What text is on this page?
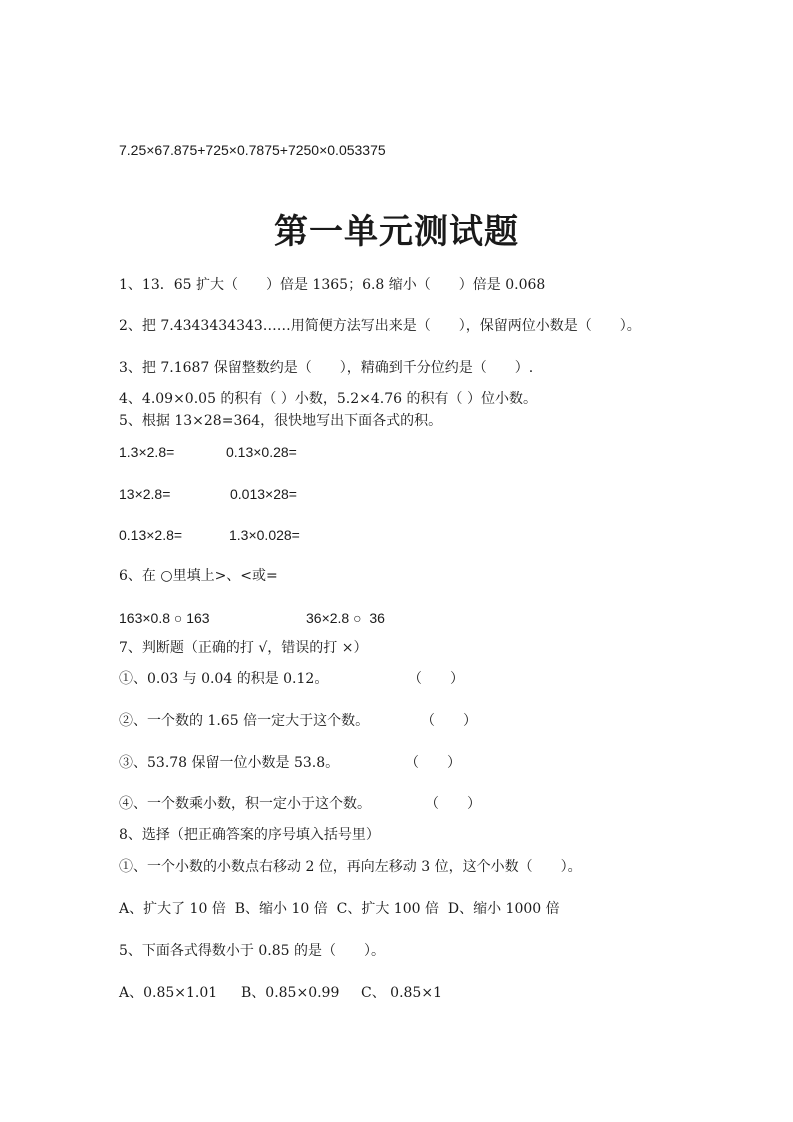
7.25×67.875+725×0.7875+7250×0.053375
第一单元测试题
1、13．65 扩大（　　）倍是 1365；6.8 缩小（　　）倍是 0.068
2、把 7.4343434343……用简便方法写出来是（　　），保留两位小数是（　　）。
3、把 7.1687 保留整数约是（　　），精确到千分位约是（　　）.
4、4.09×0.05 的积有（ ）小数，5.2×4.76 的积有（ ）位小数。
5、根据 13×28=364，很快地写出下面各式的积。
1.3×2.8=	0.13×0.28=
13×2.8=	0.013×28=
0.13×2.8=	1.3×0.028=
6、在 ○里填上>、<或=
163×0.8 ○ 163	36×2.8 ○  36
7、判断题（正确的打 √，错误的打 ×）
①、0.03 与 0.04 的积是 0.12。	（　　）
②、一个数的 1.65 倍一定大于这个数。	（　　）
③、53.78 保留一位小数是 53.8。	（　　）
④、一个数乘小数，积一定小于这个数。	（　　）
8、选择（把正确答案的序号填入括号里）
①、一个小数的小数点右移动 2 位，再向左移动 3 位，这个小数（　　）。
A、扩大了 10 倍  B、缩小 10 倍  C、扩大 100 倍  D、缩小 1000 倍
5、下面各式得数小于 0.85 的是（　　）。
A、0.85×1.01 B、0.85×0.99 C、 0.85×1
